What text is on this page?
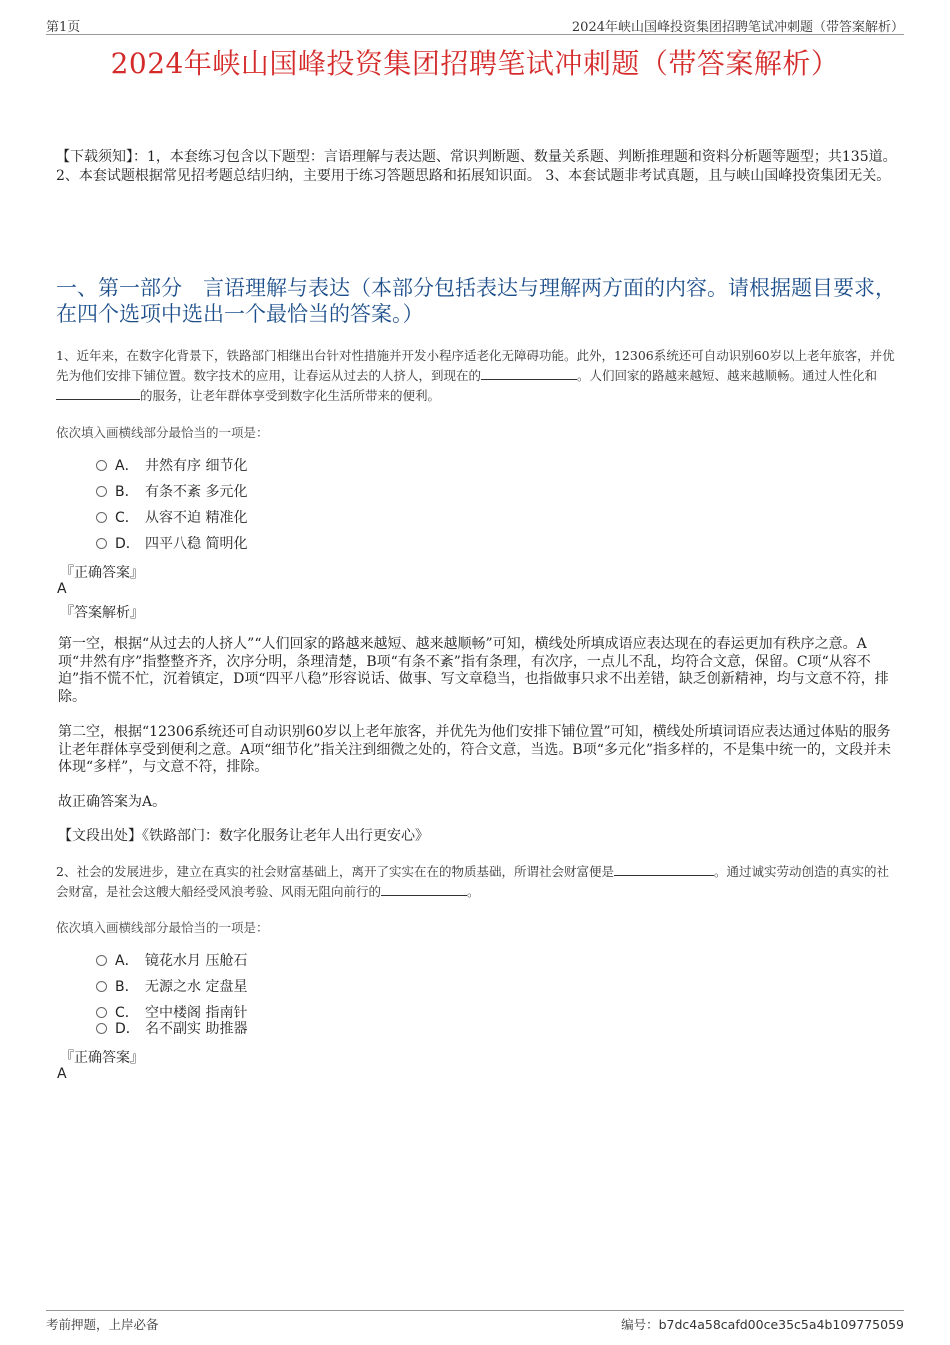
第1页	2024年峡山国峰投资集团招聘笔试冲刺题（带答案解析）
2024年峡山国峰投资集团招聘笔试冲刺题（带答案解析）
【下载须知】：1，本套练习包含以下题型：言语理解与表达题、常识判断题、数量关系题、判断推理题和资料分析题等题型；共135道。 2、本套试题根据常见招考题总结归纳，主要用于练习答题思路和拓展知识面。 3、本套试题非考试真题，且与峡山国峰投资集团无关。
一、第一部分　言语理解与表达（本部分包括表达与理解两方面的内容。请根据题目要求，在四个选项中选出一个最恰当的答案。）
1、近年来，在数字化背景下，铁路部门相继出台针对性措施并开发小程序适老化无障碍功能。此外，12306系统还可自动识别60岁以上老年旅客，并优先为他们安排下铺位置。数字技术的应用，让春运从过去的人挤人，到现在的	。人们回家的路越来越短、越来越顺畅。通过人性化和的服务，让老年群体享受到数字化生活所带来的便利。
依次填入画横线部分最恰当的一项是：
A． 井然有序 细节化
B． 有条不紊 多元化
C． 从容不迫 精准化
D． 四平八稳 简明化
『正确答案』
A
『答案解析』
第一空，根据“从过去的人挤人”“人们回家的路越来越短、越来越顺畅”可知，横线处所填成语应表达现在的春运更加有秩序之意。A项“井然有序”指整整齐齐，次序分明，条理清楚，B项“有条不紊”指有条理，有次序，一点儿不乱，均符合文意，保留。C项“从容不迫”指不慌不忙，沉着镇定，D项“四平八稳”形容说话、做事、写文章稳当，也指做事只求不出差错，缺乏创新精神，均与文意不符，排除。
第二空，根据“12306系统还可自动识别60岁以上老年旅客，并优先为他们安排下铺位置”可知，横线处所填词语应表达通过体贴的服务让老年群体享受到便利之意。A项“细节化”指关注到细微之处的，符合文意，当选。B项“多元化”指多样的，不是集中统一的，文段并未体现“多样”，与文意不符，排除。
故正确答案为A。
【文段出处】《铁路部门：数字化服务让老年人出行更安心》
2、社会的发展进步，建立在真实的社会财富基础上，离开了实实在在的物质基础，所谓社会财富便是	。通过诚实劳动创造的真实的社会财富，是社会这艘大船经受风浪考验、风雨无阻向前行的	。
依次填入画横线部分最恰当的一项是：
A． 镜花水月 压舱石
B． 无源之水 定盘星
C． 空中楼阁 指南针
D． 名不副实 助推器
『正确答案』
A
考前押题，上岸必备	编号：b7dc4a58cafd00ce35c5a4b109775059
